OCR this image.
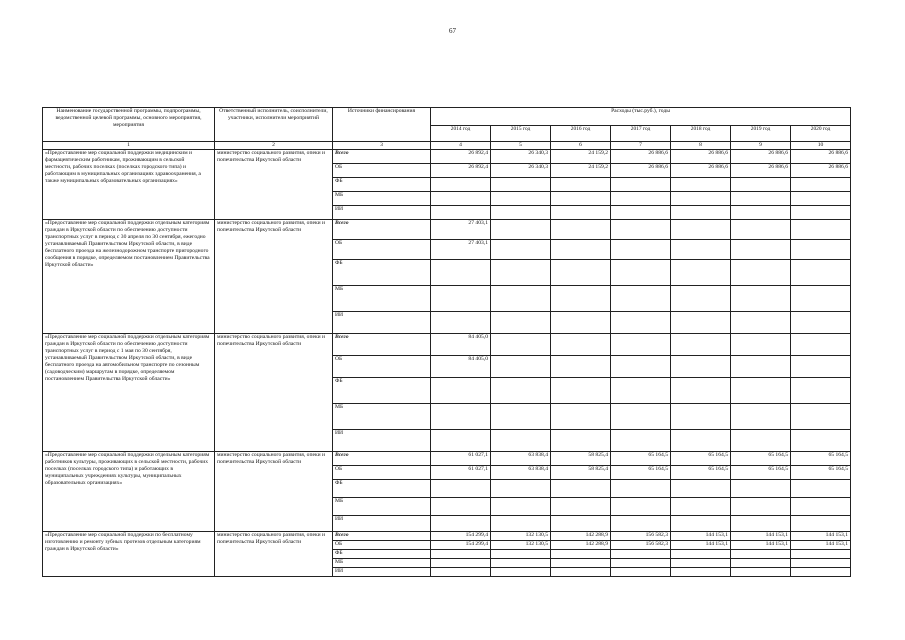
67
Наименование государственной программы, подпрограммы, ведомственной целевой программы, основного мероприятия, мероприятия	Ответственный исполнитель, соисполнители, участники, исполнители мероприятий	Источники финансирования	Расходы (тыс.руб.), годы						
			2014 год	2015 год	2016 год	2017 год	2018 год	2019 год	2020 год
1	2	3	4	5	6	7	8	9	10
«Предоставление мер социальной поддержки медицинским и фармацевтическим работникам, проживающим в сельской местности, рабочих поселках (поселках городского типа) и работающим в муниципальных организациях здравоохранения, а также муниципальных образовательных организациях»	министерство социального развития, опеки и попечительства Иркутской области	Всего	26 892,4	26 340,3	24 159,2	26 886,6	26 886,6	26 886,6	26 886,6
		ОБ	26 892,4	26 340,3	24 159,2	26 886,6	26 886,6	26 886,6	26 886,6
		ФБ							
		МБ							
		ИИ							
«Предоставление мер социальной поддержки отдельным категориям граждан в Иркутской области по обеспечению доступности транспортных услуг в период с 30 апреля по 30 сентября, ежегодно устанавливаемый Правительством Иркутской области, в виде бесплатного проезда на железнодорожном транспорте пригородного сообщения в порядке, определяемом постановлением Правительства Иркутской области»	министерство социального развития, опеки и попечительства Иркутской области	Всего	27 403,1						
		ОБ	27 403,1						
		ФБ							
		МБ							
		ИИ							
«Предоставление мер социальной поддержки отдельным категориям граждан в Иркутской области по обеспечению доступности транспортных услуг в период с 1 мая по 30 сентября, устанавливаемый Правительством Иркутской области, в виде бесплатного проезда на автомобильном транспорте по сезонным (садоводческим) маршрутам в порядке, определяемом постановлением Правительства Иркутской области»	министерство социального развития, опеки и попечительства Иркутской области	Всего	84 405,0						
		ОБ	84 405,0						
		ФБ							
		МБ							
		ИИ							
«Предоставление мер социальной поддержки отдельным категориям работников культуры, проживающих в сельской местности, рабочих поселках (поселках городского типа) и работающих в муниципальных учреждениях культуры, муниципальных образовательных организациях»	министерство социального развития, опеки и попечительства Иркутской области	Всего	61 027,1	63 838,4	58 825,4	65 164,5	65 164,5	65 164,5	65 164,5
		ОБ	61 027,1	63 838,4	58 825,4	65 164,5	65 164,5	65 164,5	65 164,5
		ФБ							
		МБ							
		ИИ							
«Предоставление мер социальной поддержки по бесплатному изготовлению и ремонту зубных протезов отдельным категориям граждан в Иркутской области»	министерство социального развития, опеки и попечительства Иркутской области	Всего	154 299,4	132 130,5	142 288,9	156 582,3	144 153,1	144 153,1	144 153,1
		ОБ	154 299,4	132 130,5	142 288,9	156 582,3	144 153,1	144 153,1	144 153,1
		ФБ							
		МБ							
		ИИ							
